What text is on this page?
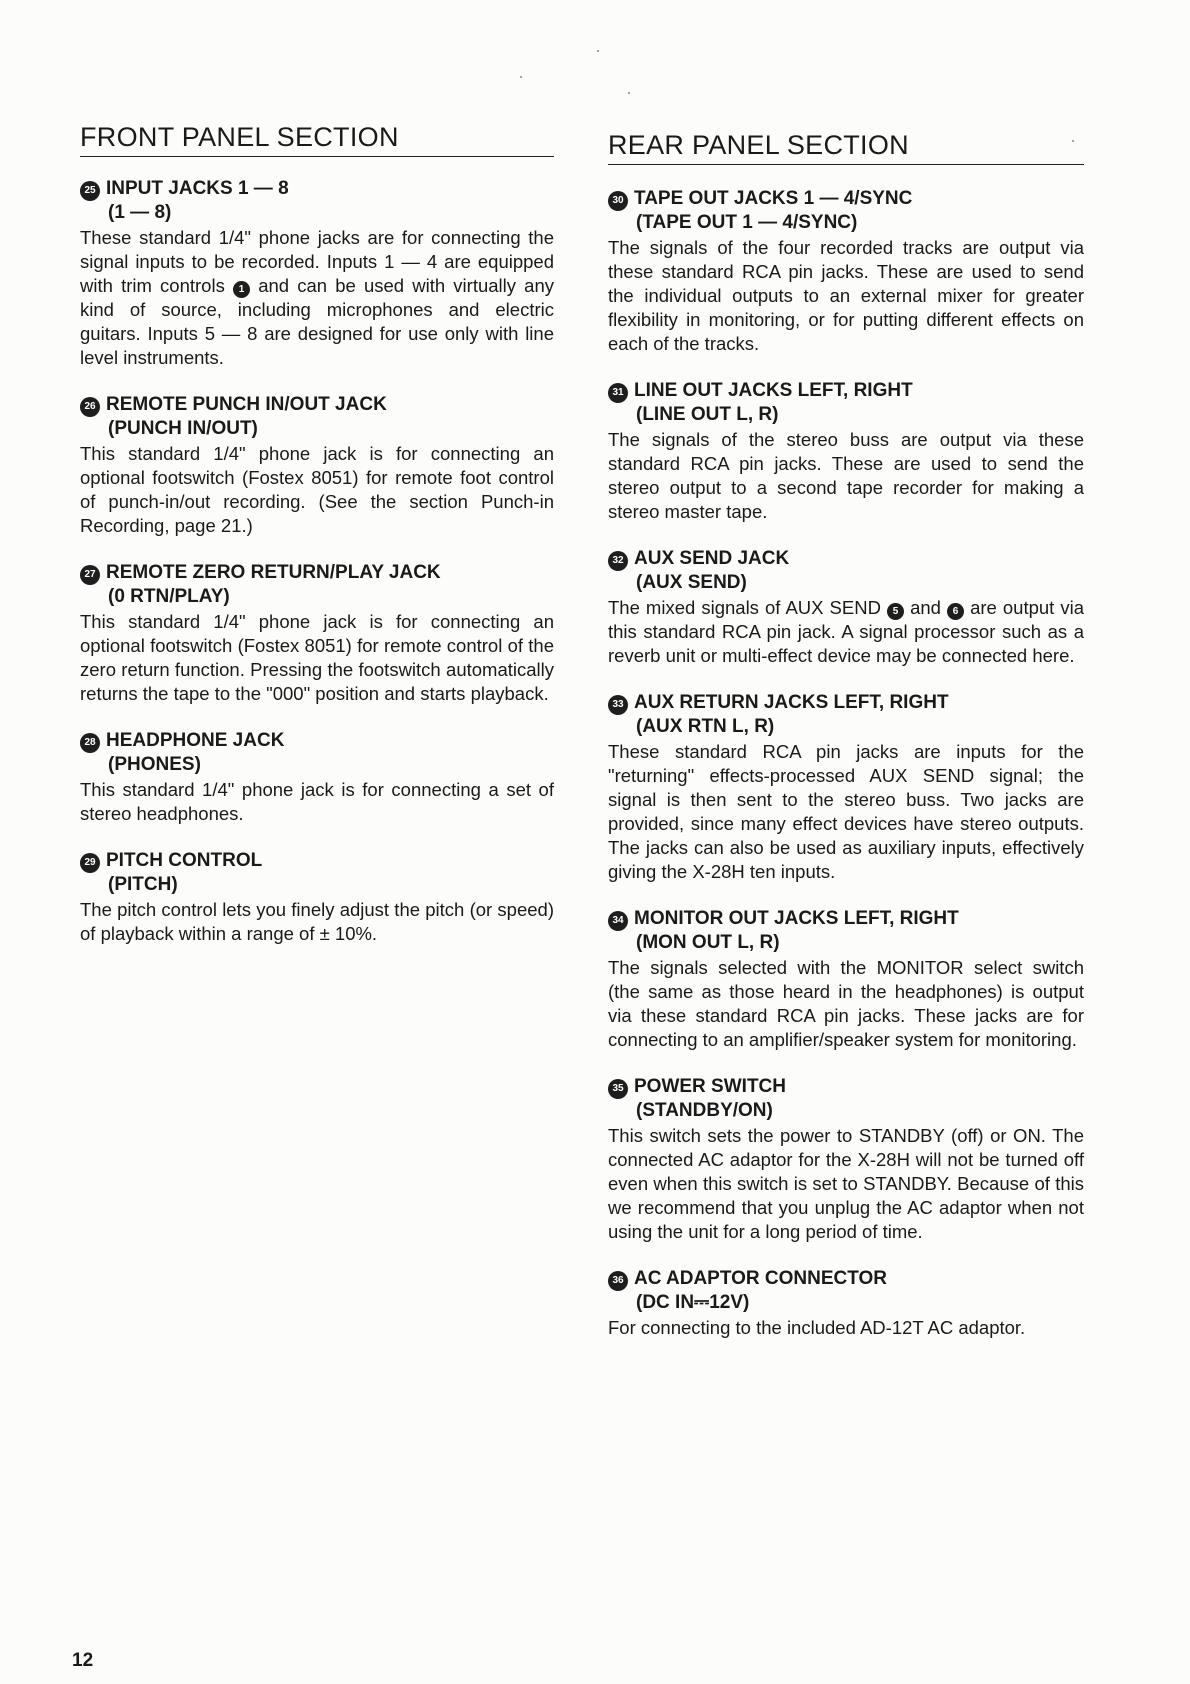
FRONT PANEL SECTION
25 INPUT JACKS 1 — 8
(1 — 8)

These standard 1/4" phone jacks are for connecting the signal inputs to be recorded. Inputs 1 — 4 are equipped with trim controls 1 and can be used with virtually any kind of source, including microphones and electric guitars. Inputs 5 — 8 are designed for use only with line level instruments.

26 REMOTE PUNCH IN/OUT JACK
(PUNCH IN/OUT)

This standard 1/4" phone jack is for connecting an optional footswitch (Fostex 8051) for remote foot control of punch-in/out recording. (See the section Punch-in Recording, page 21.)

27 REMOTE ZERO RETURN/PLAY JACK
(0 RTN/PLAY)

This standard 1/4" phone jack is for connecting an optional footswitch (Fostex 8051) for remote control of the zero return function. Pressing the footswitch automatically returns the tape to the "000" position and starts playback.

28 HEADPHONE JACK
(PHONES)

This standard 1/4" phone jack is for connecting a set of stereo headphones.

29 PITCH CONTROL
(PITCH)

The pitch control lets you finely adjust the pitch (or speed) of playback within a range of ± 10%.

REAR PANEL SECTION
30 TAPE OUT JACKS 1 — 4/SYNC
(TAPE OUT 1 — 4/SYNC)

The signals of the four recorded tracks are output via these standard RCA pin jacks. These are used to send the individual outputs to an external mixer for greater flexibility in monitoring, or for putting different effects on each of the tracks.

31 LINE OUT JACKS LEFT, RIGHT
(LINE OUT L, R)

The signals of the stereo buss are output via these standard RCA pin jacks. These are used to send the stereo output to a second tape recorder for making a stereo master tape.

32 AUX SEND JACK
(AUX SEND)

The mixed signals of AUX SEND 5 and 6 are output via this standard RCA pin jack. A signal processor such as a reverb unit or multi-effect device may be connected here.

33 AUX RETURN JACKS LEFT, RIGHT
(AUX RTN L, R)

These standard RCA pin jacks are inputs for the "returning" effects-processed AUX SEND signal; the signal is then sent to the stereo buss. Two jacks are provided, since many effect devices have stereo outputs. The jacks can also be used as auxiliary inputs, effectively giving the X-28H ten inputs.

34 MONITOR OUT JACKS LEFT, RIGHT
(MON OUT L, R)

The signals selected with the MONITOR select switch (the same as those heard in the headphones) is output via these standard RCA pin jacks. These jacks are for connecting to an amplifier/speaker system for monitoring.

35 POWER SWITCH
(STANDBY/ON)

This switch sets the power to STANDBY (off) or ON. The connected AC adaptor for the X-28H will not be turned off even when this switch is set to STANDBY. Because of this we recommend that you unplug the AC adaptor when not using the unit for a long period of time.

36 AC ADAPTOR CONNECTOR
(DC IN⎓12V)

For connecting to the included AD-12T AC adaptor.

12
